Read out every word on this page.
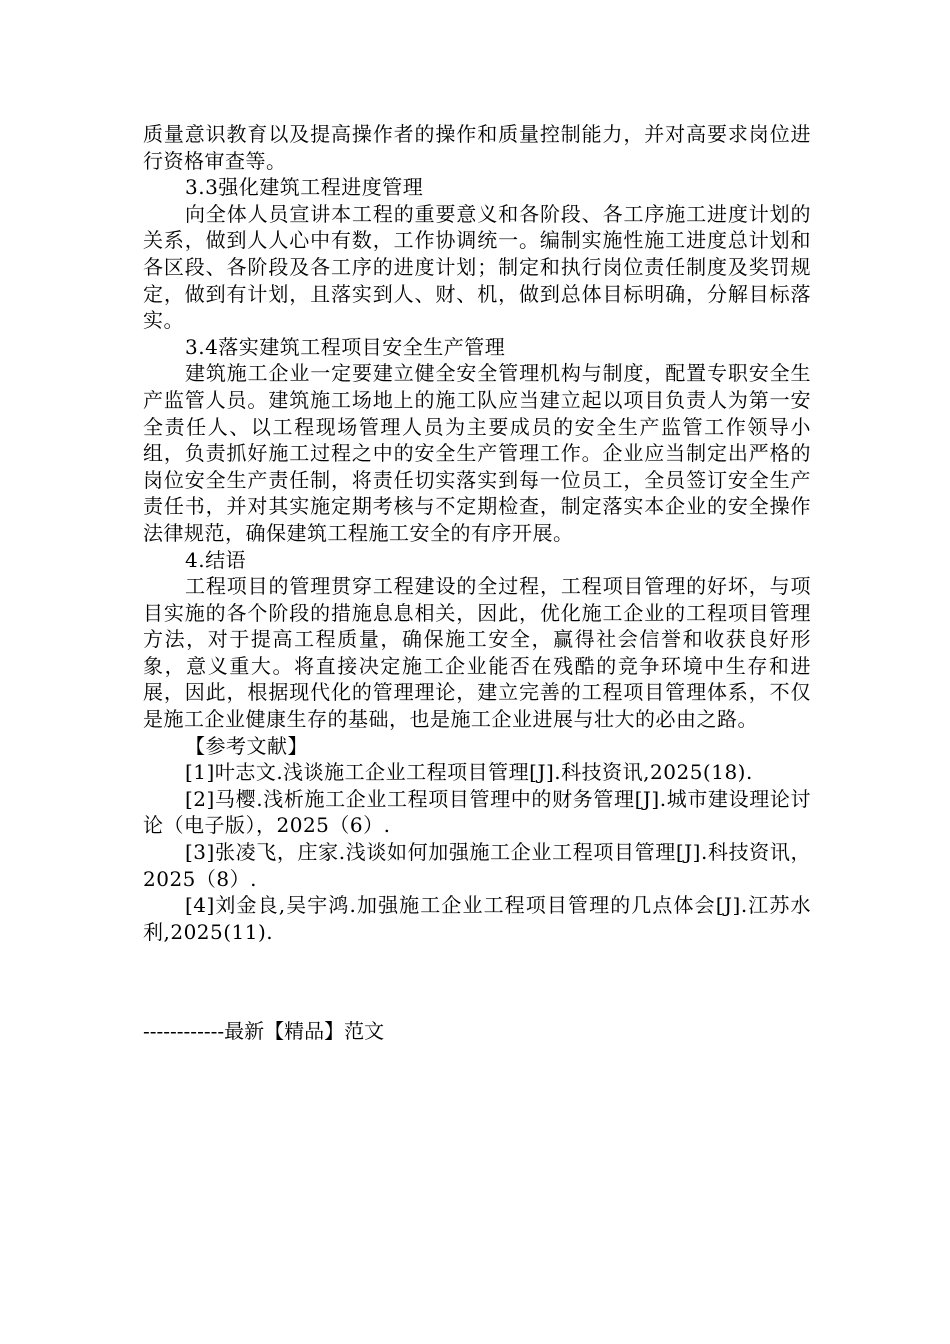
质量意识教育以及提高操作者的操作和质量控制能力，并对高要求岗位进行资格审查等。

3.3强化建筑工程进度管理

向全体人员宣讲本工程的重要意义和各阶段、各工序施工进度计划的关系，做到人人心中有数，工作协调统一。编制实施性施工进度总计划和各区段、各阶段及各工序的进度计划；制定和执行岗位责任制度及奖罚规定，做到有计划，且落实到人、财、机，做到总体目标明确，分解目标落实。

3.4落实建筑工程项目安全生产管理

建筑施工企业一定要建立健全安全管理机构与制度，配置专职安全生产监管人员。建筑施工场地上的施工队应当建立起以项目负责人为第一安全责任人、以工程现场管理人员为主要成员的安全生产监管工作领导小组，负责抓好施工过程之中的安全生产管理工作。企业应当制定出严格的岗位安全生产责任制，将责任切实落实到每一位员工，全员签订安全生产责任书，并对其实施定期考核与不定期检查，制定落实本企业的安全操作法律规范，确保建筑工程施工安全的有序开展。

4.结语

工程项目的管理贯穿工程建设的全过程，工程项目管理的好坏，与项目实施的各个阶段的措施息息相关，因此，优化施工企业的工程项目管理方法，对于提高工程质量，确保施工安全，赢得社会信誉和收获良好形象，意义重大。将直接决定施工企业能否在残酷的竞争环境中生存和进展，因此，根据现代化的管理理论，建立完善的工程项目管理体系，不仅是施工企业健康生存的基础，也是施工企业进展与壮大的必由之路。

【参考文献】

[1]叶志文.浅谈施工企业工程项目管理[J].科技资讯,2025(18).

[2]马樱.浅析施工企业工程项目管理中的财务管理[J].城市建设理论讨论（电子版），2025（6）.

[3]张凌飞，庄家.浅谈如何加强施工企业工程项目管理[J].科技资讯，2025（8）.

[4]刘金良,吴宇鸿.加强施工企业工程项目管理的几点体会[J].江苏水利,2025(11).

------------最新【精品】范文
